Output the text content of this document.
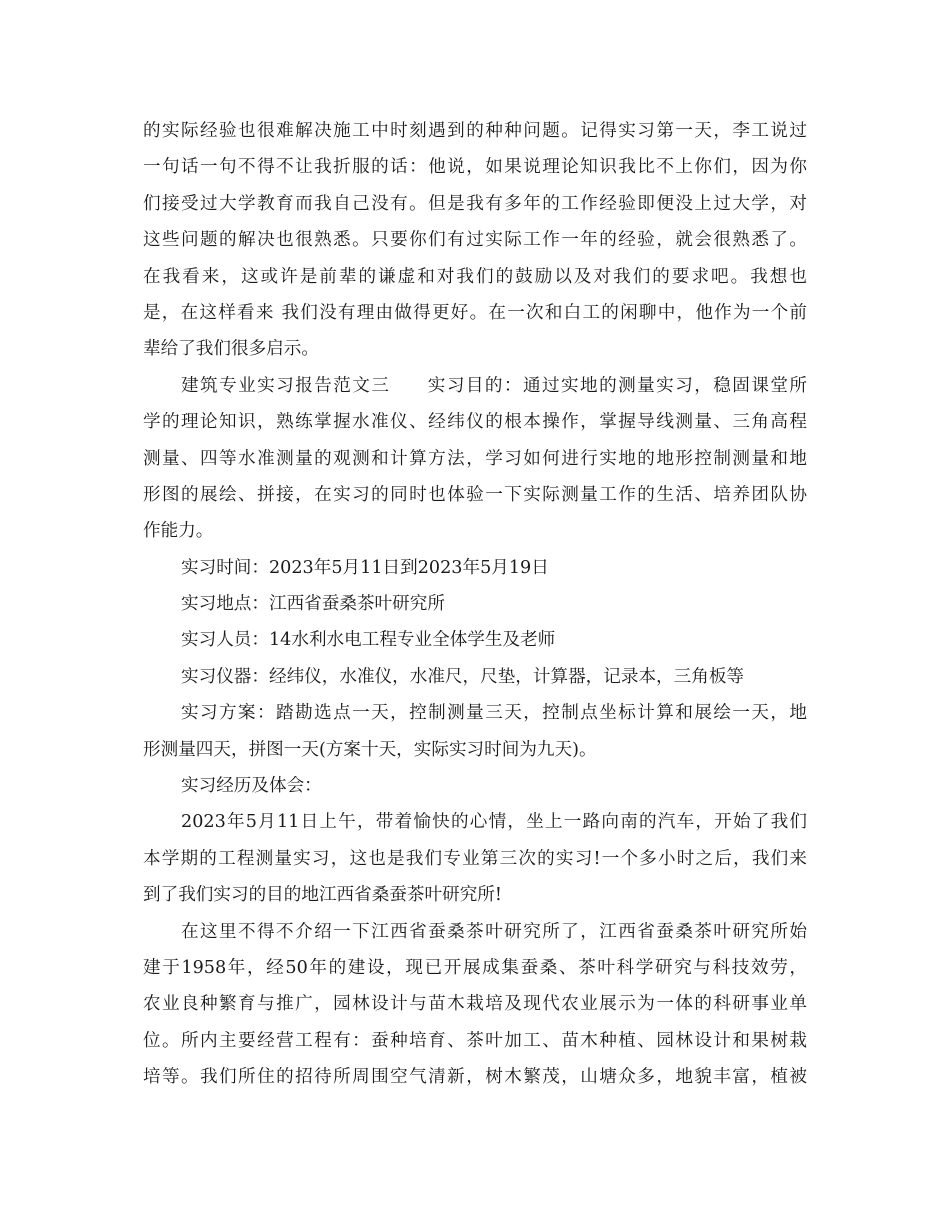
的实际经验也很难解决施工中时刻遇到的种种问题。记得实习第一天，李工说过
一句话一句不得不让我折服的话：他说，如果说理论知识我比不上你们，因为你
们接受过大学教育而我自己没有。但是我有多年的工作经验即便没上过大学，对
这些问题的解决也很熟悉。只要你们有过实际工作一年的经验，就会很熟悉了。
在我看来，这或许是前辈的谦虚和对我们的鼓励以及对我们的要求吧。我想也
是，在这样看来 我们没有理由做得更好。在一次和白工的闲聊中，他作为一个前
辈给了我们很多启示。
建筑专业实习报告范文三 实习目的：通过实地的测量实习，稳固课堂所
学的理论知识，熟练掌握水准仪、经纬仪的根本操作，掌握导线测量、三角高程
测量、四等水准测量的观测和计算方法，学习如何进行实地的地形控制测量和地
形图的展绘、拼接，在实习的同时也体验一下实际测量工作的生活、培养团队协
作能力。
实习时间：2023年5月11日到2023年5月19日
实习地点：江西省蚕桑茶叶研究所
实习人员：14水利水电工程专业全体学生及老师
实习仪器：经纬仪，水准仪，水准尺，尺垫，计算器，记录本，三角板等
实习方案：踏勘选点一天，控制测量三天，控制点坐标计算和展绘一天，地
形测量四天，拼图一天(方案十天，实际实习时间为九天)。
实习经历及体会：
2023年5月11日上午，带着愉快的心情，坐上一路向南的汽车，开始了我们
本学期的工程测量实习，这也是我们专业第三次的实习!一个多小时之后，我们来
到了我们实习的目的地江西省桑蚕茶叶研究所!
在这里不得不介绍一下江西省蚕桑茶叶研究所了，江西省蚕桑茶叶研究所始
建于1958年，经50年的建设，现已开展成集蚕桑、茶叶科学研究与科技效劳，
农业良种繁育与推广，园林设计与苗木栽培及现代农业展示为一体的科研事业单
位。所内主要经营工程有：蚕种培育、茶叶加工、苗木种植、园林设计和果树栽
培等。我们所住的招待所周围空气清新，树木繁茂，山塘众多，地貌丰富，植被
